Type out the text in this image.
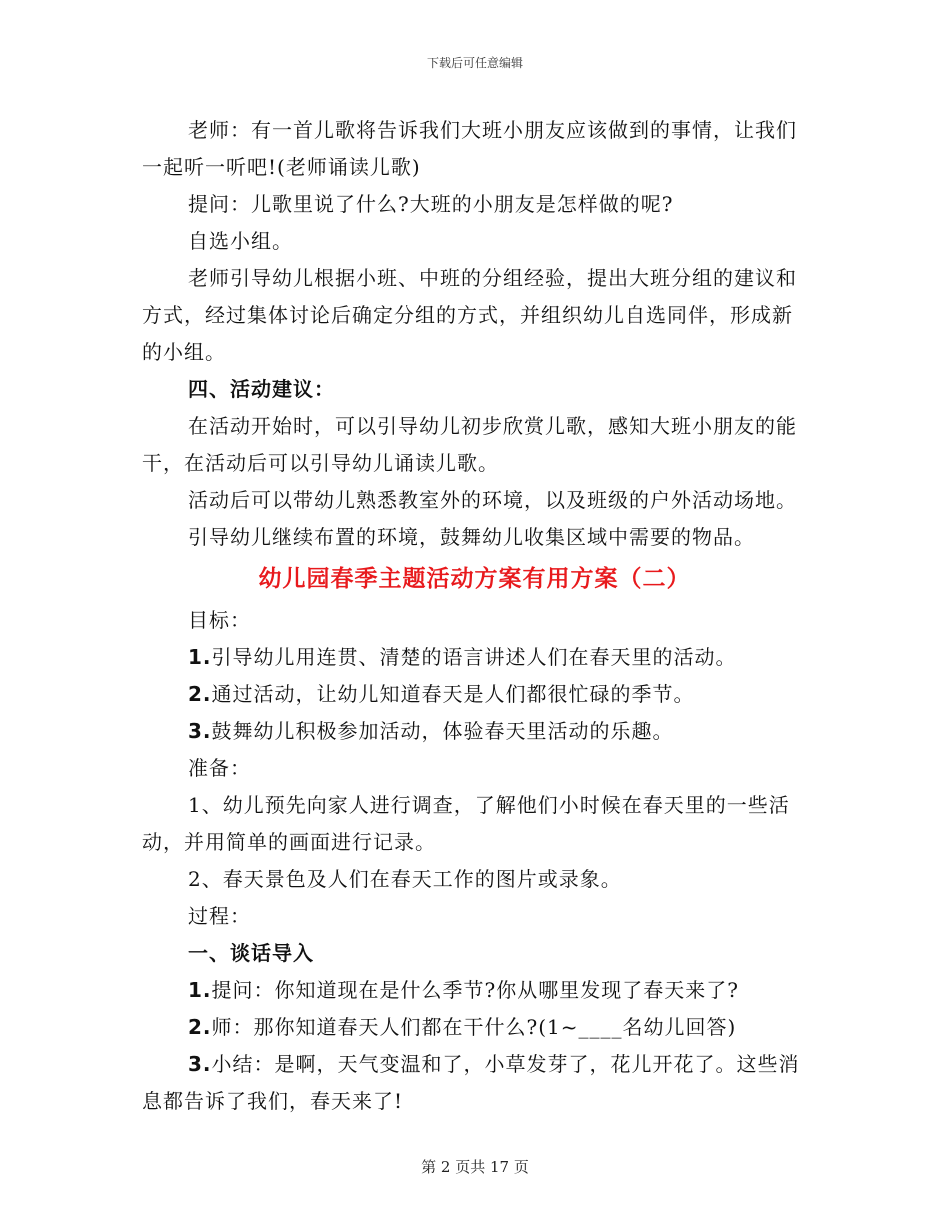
下载后可任意编辑

老师：有一首儿歌将告诉我们大班小朋友应该做到的事情，让我们一起听一听吧!(老师诵读儿歌)

提问：儿歌里说了什么?大班的小朋友是怎样做的呢?

自选小组。

老师引导幼儿根据小班、中班的分组经验，提出大班分组的建议和方式，经过集体讨论后确定分组的方式，并组织幼儿自选同伴，形成新的小组。

四、活动建议：

在活动开始时，可以引导幼儿初步欣赏儿歌，感知大班小朋友的能干，在活动后可以引导幼儿诵读儿歌。

活动后可以带幼儿熟悉教室外的环境，以及班级的户外活动场地。

引导幼儿继续布置的环境，鼓舞幼儿收集区域中需要的物品。

幼儿园春季主题活动方案有用方案（二）

目标：

1.引导幼儿用连贯、清楚的语言讲述人们在春天里的活动。

2.通过活动，让幼儿知道春天是人们都很忙碌的季节。

3.鼓舞幼儿积极参加活动，体验春天里活动的乐趣。

准备：

1、幼儿预先向家人进行调查，了解他们小时候在春天里的一些活动，并用简单的画面进行记录。

2、春天景色及人们在春天工作的图片或录象。

过程：

一、谈话导入

1.提问：你知道现在是什么季节?你从哪里发现了春天来了?

2.师：那你知道春天人们都在干什么?(1~____名幼儿回答)

3.小结：是啊，天气变温和了，小草发芽了，花儿开花了。这些消息都告诉了我们，春天来了!

第 2 页共 17 页
